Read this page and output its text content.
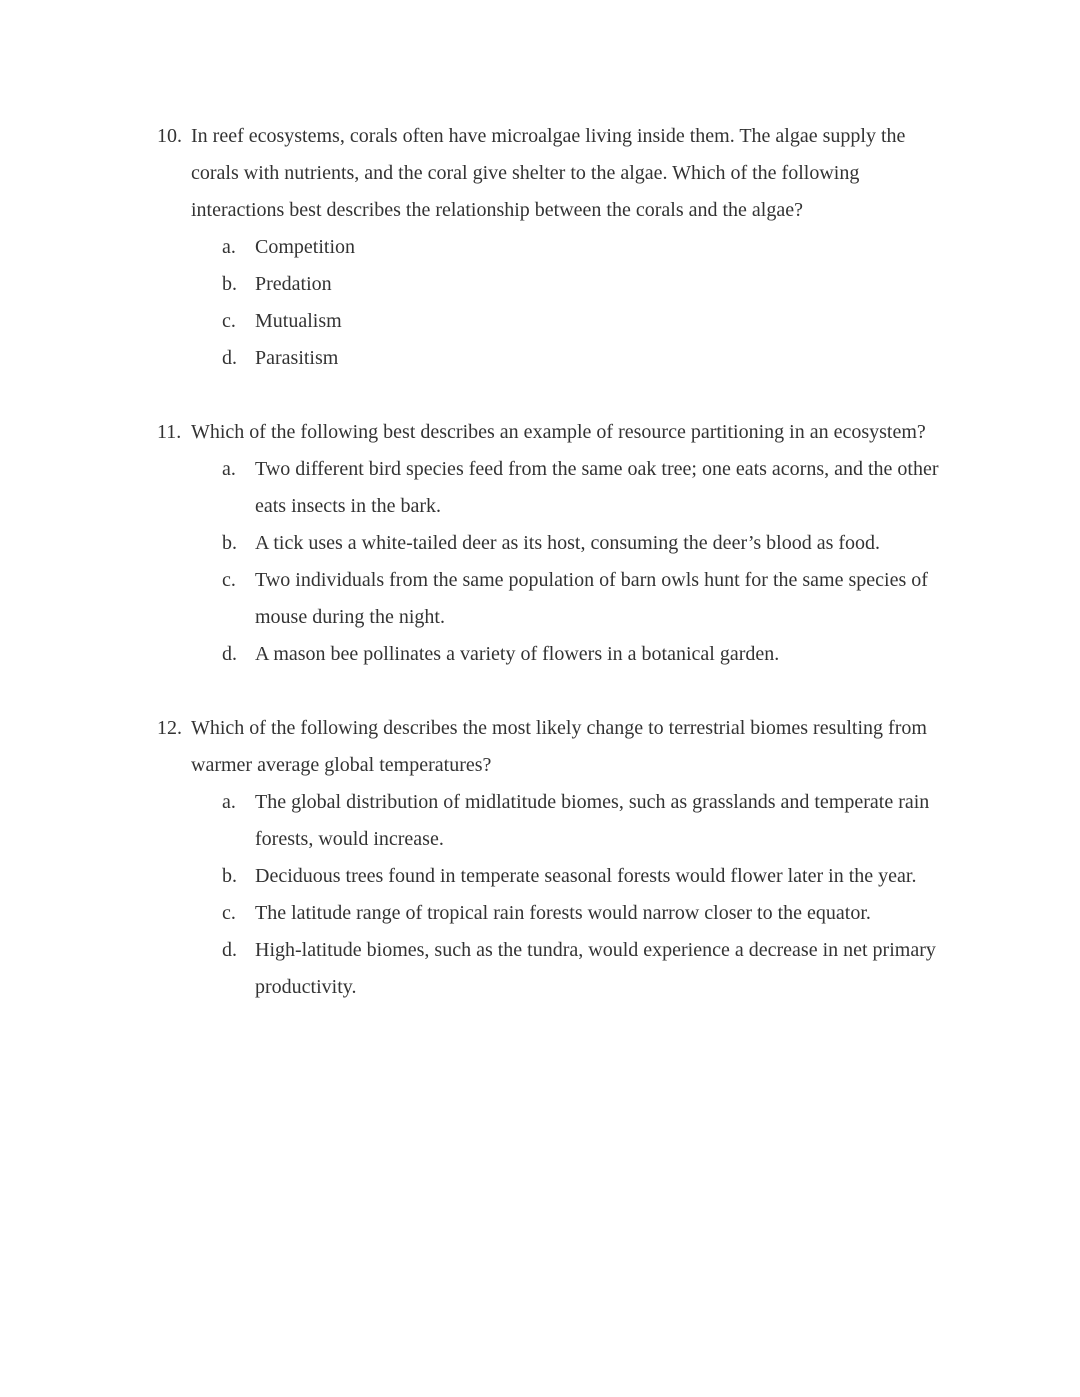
10. In reef ecosystems, corals often have microalgae living inside them. The algae supply the corals with nutrients, and the coral give shelter to the algae. Which of the following interactions best describes the relationship between the corals and the algae?
a. Competition
b. Predation
c. Mutualism
d. Parasitism
11. Which of the following best describes an example of resource partitioning in an ecosystem?
a. Two different bird species feed from the same oak tree; one eats acorns, and the other eats insects in the bark.
b. A tick uses a white-tailed deer as its host, consuming the deer’s blood as food.
c. Two individuals from the same population of barn owls hunt for the same species of mouse during the night.
d. A mason bee pollinates a variety of flowers in a botanical garden.
12. Which of the following describes the most likely change to terrestrial biomes resulting from warmer average global temperatures?
a. The global distribution of midlatitude biomes, such as grasslands and temperate rain forests, would increase.
b. Deciduous trees found in temperate seasonal forests would flower later in the year.
c. The latitude range of tropical rain forests would narrow closer to the equator.
d. High-latitude biomes, such as the tundra, would experience a decrease in net primary productivity.
